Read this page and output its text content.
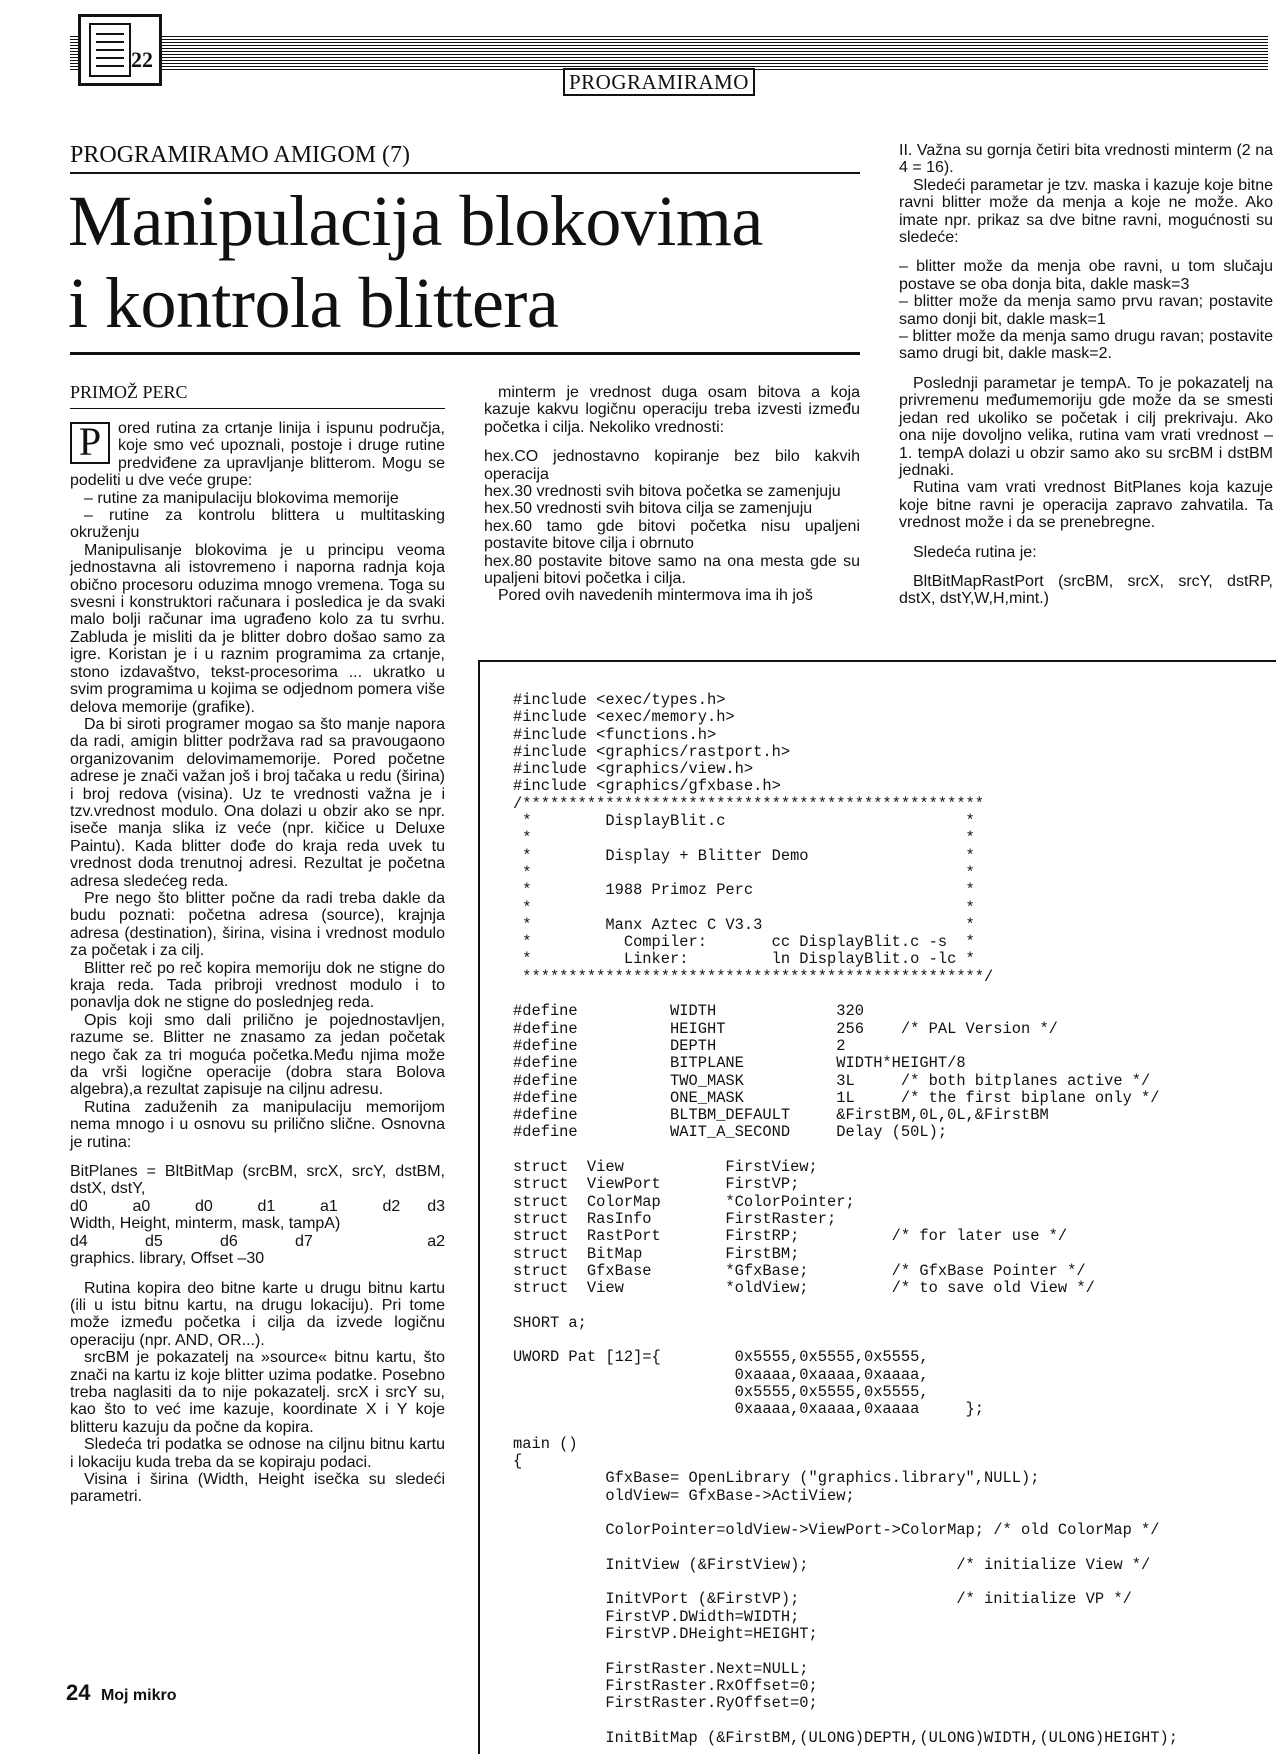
22
PROGRAMIRAMO
PROGRAMIRAMO AMIGOM (7)
Manipulacija blokovima
i kontrola blittera
PRIMOŽ PERC

P	ored rutina za crtanje linija i ispunu područja, koje smo već upoznali, postoje i druge rutine predviđene za upravljanje blitterom. Mogu se podeliti u dve veće grupe:

– rutine za manipulaciju blokovima memorije

– rutine za kontrolu blittera u multitasking okruženju

Manipulisanje blokovima je u principu veoma jednostavna ali istovremeno i naporna radnja koja obično procesoru oduzima mnogo vremena. Toga su svesni i konstruktori računara i posledica je da svaki malo bolji računar ima ugrađeno kolo za tu svrhu. Zabluda je misliti da je blitter dobro došao samo za igre. Koristan je i u raznim programima za crtanje, stono izdavaštvo, tekst-procesorima ... ukratko u svim programima u kojima se odjednom pomera više delova memorije (grafike).

Da bi siroti programer mogao sa što manje napora da radi, amigin blitter podržava rad sa pravougaono organizovanim delovimamemorije. Pored početne adrese je znači važan još i broj tačaka u redu (širina) i broj redova (visina). Uz te vrednosti važna je i tzv.vrednost modulo. Ona dolazi u obzir ako se npr. iseče manja slika iz veće (npr. kičice u Deluxe Paintu). Kada blitter dođe do kraja reda uvek tu vrednost doda trenutnoj adresi. Rezultat je početna adresa sledećeg reda.

Pre nego što blitter počne da radi treba dakle da budu poznati: početna adresa (source), krajnja adresa (destination), širina, visina i vrednost modulo za početak i za cilj.

Blitter reč po reč kopira memoriju dok ne stigne do kraja reda. Tada pribroji vrednost modulo i to ponavlja dok ne stigne do poslednjeg reda.

Opis koji smo dali prilično je pojednostavljen, razume se. Blitter ne znasamo za jedan početak nego čak za tri moguća početka.Među njima može da vrši logične operacije (dobra stara Bolova algebra),a rezultat zapisuje na ciljnu adresu.

Rutina zaduženih za manipulaciju memorijom nema mnogo i u osnovu su prilično slične. Osnovna je rutina:

BitPlanes = BltBitMap (srcBM, srcX, srcY, dstBM, dstX, dstY,

d0	a0	d0	d1	a1	d2 d3

Width, Height, minterm, mask, tampA)

d4	d5	d6	d7	a2

graphics. library, Offset –30

Rutina kopira deo bitne karte u drugu bitnu kartu (ili u istu bitnu kartu, na drugu lokaciju). Pri tome može između početka i cilja da izvede logičnu operaciju (npr. AND, OR...).

srcBM je pokazatelj na »source« bitnu kartu, što znači na kartu iz koje blitter uzima podatke. Posebno treba naglasiti da to nije pokazatelj. srcX i srcY su, kao što to već ime kazuje, koordinate X i Y koje blitteru kazuju da počne da kopira.

Sledeća tri podatka se odnose na ciljnu bitnu kartu i lokaciju kuda treba da se kopiraju podaci.

Visina i širina (Width, Height isečka su sledeći parametri.

minterm je vrednost duga osam bitova a koja kazuje kakvu logičnu operaciju treba izvesti između početka i cilja. Nekoliko vrednosti:

hex.CO jednostavno kopiranje bez bilo kakvih operacija

hex.30 vrednosti svih bitova početka se zamenjuju

hex.50 vrednosti svih bitova cilja se zamenjuju

hex.60 tamo gde bitovi početka nisu upaljeni postavite bitove cilja i obrnuto

hex.80 postavite bitove samo na ona mesta gde su upaljeni bitovi početka i cilja.

Pored ovih navedenih mintermova ima ih još

II. Važna su gornja četiri bita vrednosti minterm (2 na 4 = 16).

Sledeći parametar je tzv. maska i kazuje koje bitne ravni blitter može da menja a koje ne može. Ako imate npr. prikaz sa dve bitne ravni, mogućnosti su sledeće:

– blitter može da menja obe ravni, u tom slučaju postave se oba donja bita, dakle mask=3

– blitter može da menja samo prvu ravan; postavite samo donji bit, dakle mask=1

– blitter može da menja samo drugu ravan; postavite samo drugi bit, dakle mask=2.

Poslednji parametar je tempA. To je pokazatelj na privremenu međumemoriju gde može da se smesti jedan red ukoliko se početak i cilj prekrivaju. Ako ona nije dovoljno velika, rutina vam vrati vrednost – 1. tempA dolazi u obzir samo ako su srcBM i dstBM jednaki.

Rutina vam vrati vrednost BitPlanes koja kazuje koje bitne ravni je operacija zapravo zahvatila. Ta vrednost može i da se prenebregne.

Sledeća rutina je:

BltBitMapRastPort (srcBM, srcX, srcY, dstRP, dstX, dstY,W,H,mint.)

#include <exec/types.h>
#include <exec/memory.h>
#include <functions.h>
#include <graphics/rastport.h>
#include <graphics/view.h>
#include <graphics/gfxbase.h>
/**************************************************
*        DisplayBlit.c                          *
*                                               *
*        Display + Blitter Demo                 *
*                                               *
*        1988 Primoz Perc                       *
*                                               *
*        Manx Aztec C V3.3                      *
*          Compiler:       cc DisplayBlit.c -s  *
*          Linker:         ln DisplayBlit.o -lc *
**************************************************/

#define          WIDTH             320
#define          HEIGHT            256    /* PAL Version */
#define          DEPTH             2
#define          BITPLANE          WIDTH*HEIGHT/8
#define          TWO_MASK          3L     /* both bitplanes active */
#define          ONE_MASK          1L     /* the first biplane only */
#define          BLTBM_DEFAULT     &FirstBM,0L,0L,&FirstBM
#define          WAIT_A_SECOND     Delay (50L);

struct  View           FirstView;
struct  ViewPort       FirstVP;
struct  ColorMap       *ColorPointer;
struct  RasInfo        FirstRaster;
struct  RastPort       FirstRP;          /* for later use */
struct  BitMap         FirstBM;
struct  GfxBase        *GfxBase;         /* GfxBase Pointer */
struct  View           *oldView;         /* to save old View */

SHORT a;

UWORD Pat [12]={        0x5555,0x5555,0x5555,
0xaaaa,0xaaaa,0xaaaa,
0x5555,0x5555,0x5555,
0xaaaa,0xaaaa,0xaaaa     };

main ()
{
GfxBase= OpenLibrary ("graphics.library",NULL);
oldView= GfxBase->ActiView;

ColorPointer=oldView->ViewPort->ColorMap; /* old ColorMap */

InitView (&FirstView);                /* initialize View */

InitVPort (&FirstVP);                 /* initialize VP */
FirstVP.DWidth=WIDTH;
FirstVP.DHeight=HEIGHT;

FirstRaster.Next=NULL;
FirstRaster.RxOffset=0;
FirstRaster.RyOffset=0;

InitBitMap (&FirstBM,(ULONG)DEPTH,(ULONG)WIDTH,(ULONG)HEIGHT);
24 Moj mikro
